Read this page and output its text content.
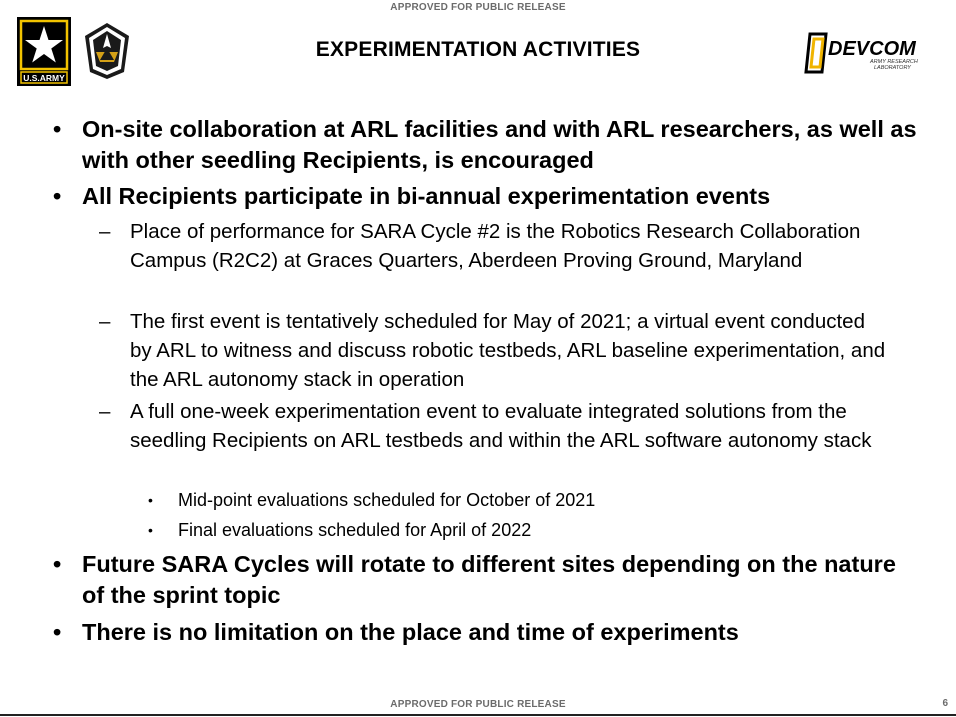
APPROVED FOR PUBLIC RELEASE
U.S.ARMY
EXPERIMENTATION ACTIVITIES	DEVCOM
ARMY RESEARCH
LABORATORY
• On-site collaboration at ARL facilities and with ARL researchers, as well as with other seedling Recipients, is encouraged
• All Recipients participate in bi-annual experimentation events
– Place of performance for SARA Cycle #2 is the Robotics Research Collaboration Campus (R2C2) at Graces Quarters, Aberdeen Proving Ground, Maryland
– The first event is tentatively scheduled for May of 2021; a virtual event conducted by ARL to witness and discuss robotic testbeds, ARL baseline experimentation, and the ARL autonomy stack in operation
– A full one-week experimentation event to evaluate integrated solutions from the seedling Recipients on ARL testbeds and within the ARL software autonomy stack
• Mid-point evaluations scheduled for October of 2021
• Final evaluations scheduled for April of 2022
• Future SARA Cycles will rotate to different sites depending on the nature of the sprint topic
• There is no limitation on the place and time of experiments
APPROVED FOR PUBLIC RELEASE	6
